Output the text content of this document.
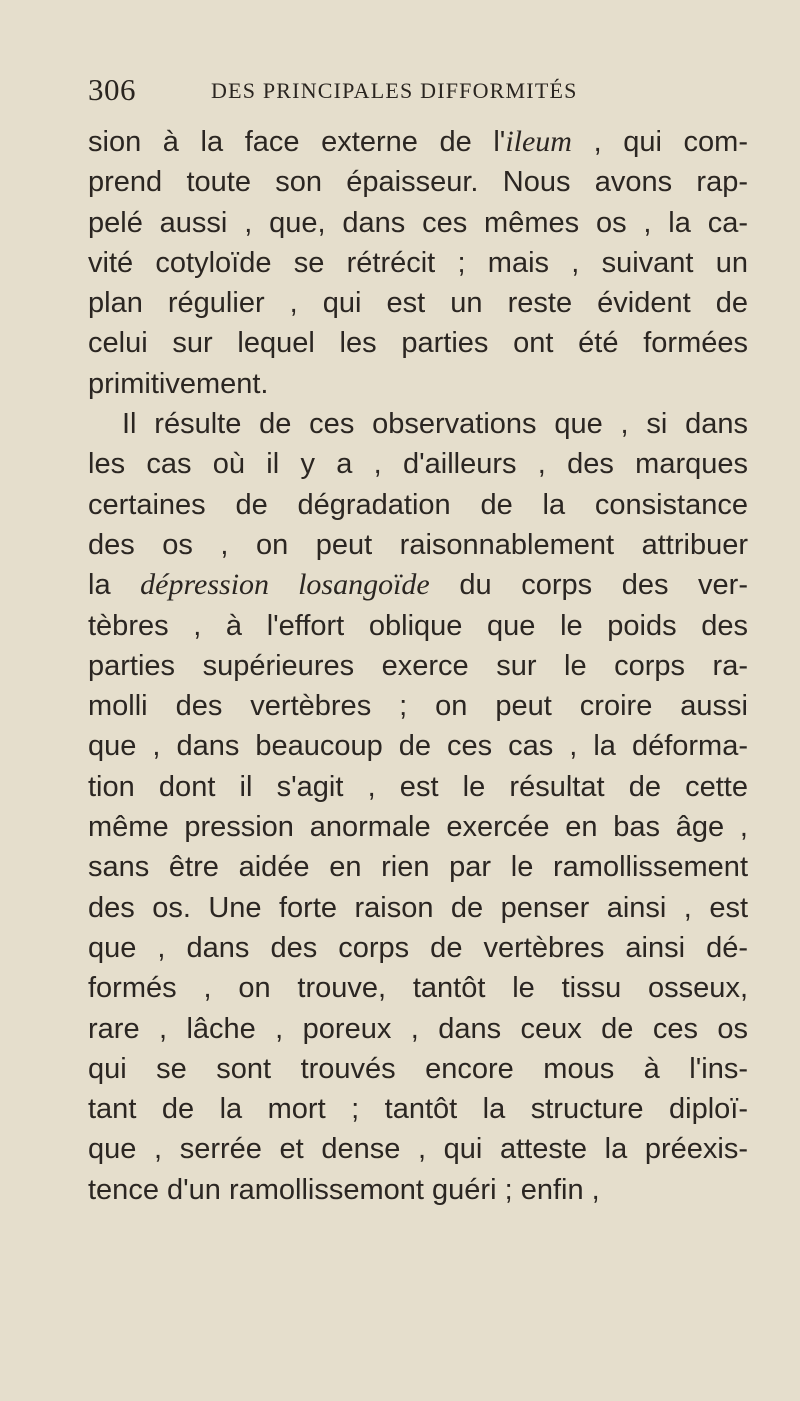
306	DES PRINCIPALES DIFFORMITÉS
sion à la face externe de l'ileum , qui com-
prend toute son épaisseur. Nous avons rap-
pelé aussi , que, dans ces mêmes os , la ca-
vité cotyloïde se rétrécit ; mais , suivant un
plan régulier , qui est un reste évident de
celui sur lequel les parties ont été formées
primitivement.
Il résulte de ces observations que , si dans
les cas où il y a , d'ailleurs , des marques
certaines de dégradation de la consistance
des os , on peut raisonnablement attribuer
la dépression losangoïde du corps des ver-
tèbres , à l'effort oblique que le poids des
parties supérieures exerce sur le corps ra-
molli des vertèbres ; on peut croire aussi
que , dans beaucoup de ces cas , la déforma-
tion dont il s'agit , est le résultat de cette
même pression anormale exercée en bas âge ,
sans être aidée en rien par le ramollissement
des os. Une forte raison de penser ainsi , est
que , dans des corps de vertèbres ainsi dé-
formés , on trouve, tantôt le tissu osseux,
rare , lâche , poreux , dans ceux de ces os
qui se sont trouvés encore mous à l'ins-
tant de la mort ; tantôt la structure diploï-
que , serrée et dense , qui atteste la préexis-
tence d'un ramollissemont guéri ; enfin ,
